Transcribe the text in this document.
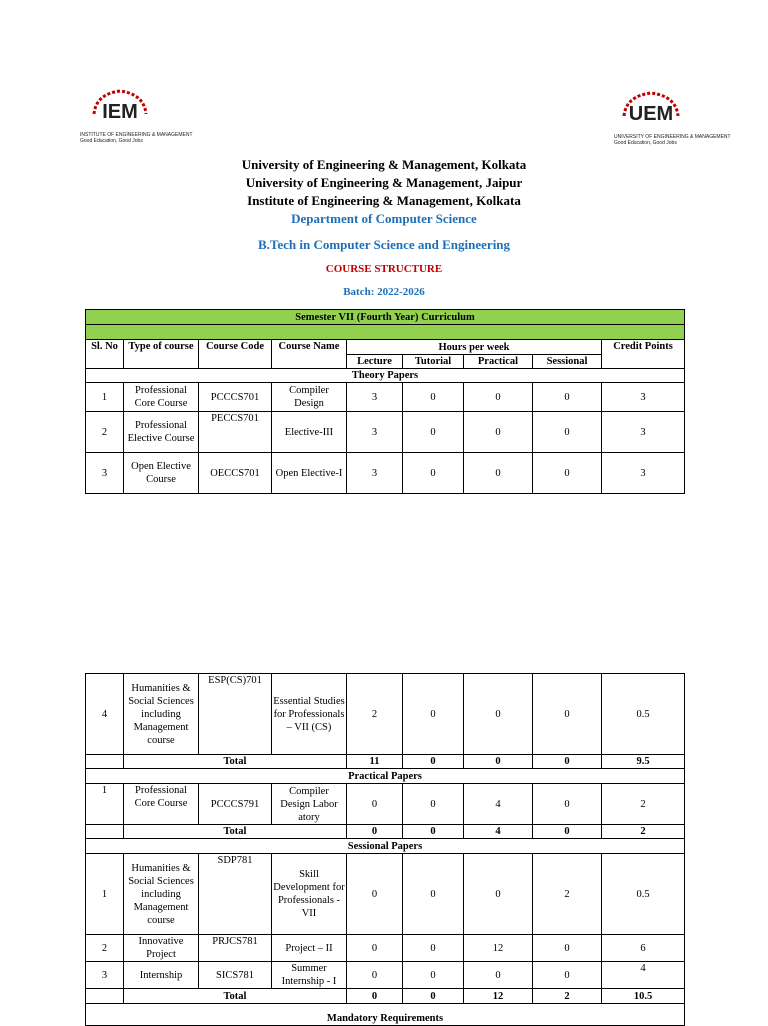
IEM
INSTITUTE OF ENGINEERING & MANAGEMENT
Good Education, Good Jobs
UEM
UNIVERSITY OF ENGINEERING & MANAGEMENT
Good Education, Good Jobs
University of Engineering & Management, Kolkata
University of Engineering & Management, Jaipur
Institute of Engineering & Management, Kolkata
Department of Computer Science
B.Tech in Computer Science and Engineering
COURSE STRUCTURE
Batch: 2022-2026
Semester VII (Fourth Year) Curriculum								

Sl. No	Type of course	Course Code	Course Name	Hours per week				Credit Points
				Lecture	Tutorial	Practical	Sessional	
Theory Papers								
1	Professional Core Course	PCCCS701	Compiler Design	3	0	0	0	3
2	Professional Elective Course	PECCS701	Elective-III	3	0	0	0	3
3	Open Elective Course	OECCS701	Open Elective-I	3	0	0	0	3
4	Humanities & Social Sciences including Management course	ESP(CS)701	Essential Studies for Professionals – VII (CS)	2	0	0	0	0.5
	Total			11	0	0	0	9.5
Practical Papers								
1	Professional Core Course	PCCCS791	Compiler Design Labor atory	0	0	4	0	2
	Total			0	0	4	0	2
Sessional Papers								
1	Humanities & Social Sciences including Management course	SDP781	Skill Development for Professionals - VII	0	0	0	2	0.5
2	Innovative Project	PRJCS781	Project – II	0	0	12	0	6
3	Internship	SICS781	Summer Internship - I	0	0	0	0	4
	Total			0	0	12	2	10.5
Mandatory Requirements								
